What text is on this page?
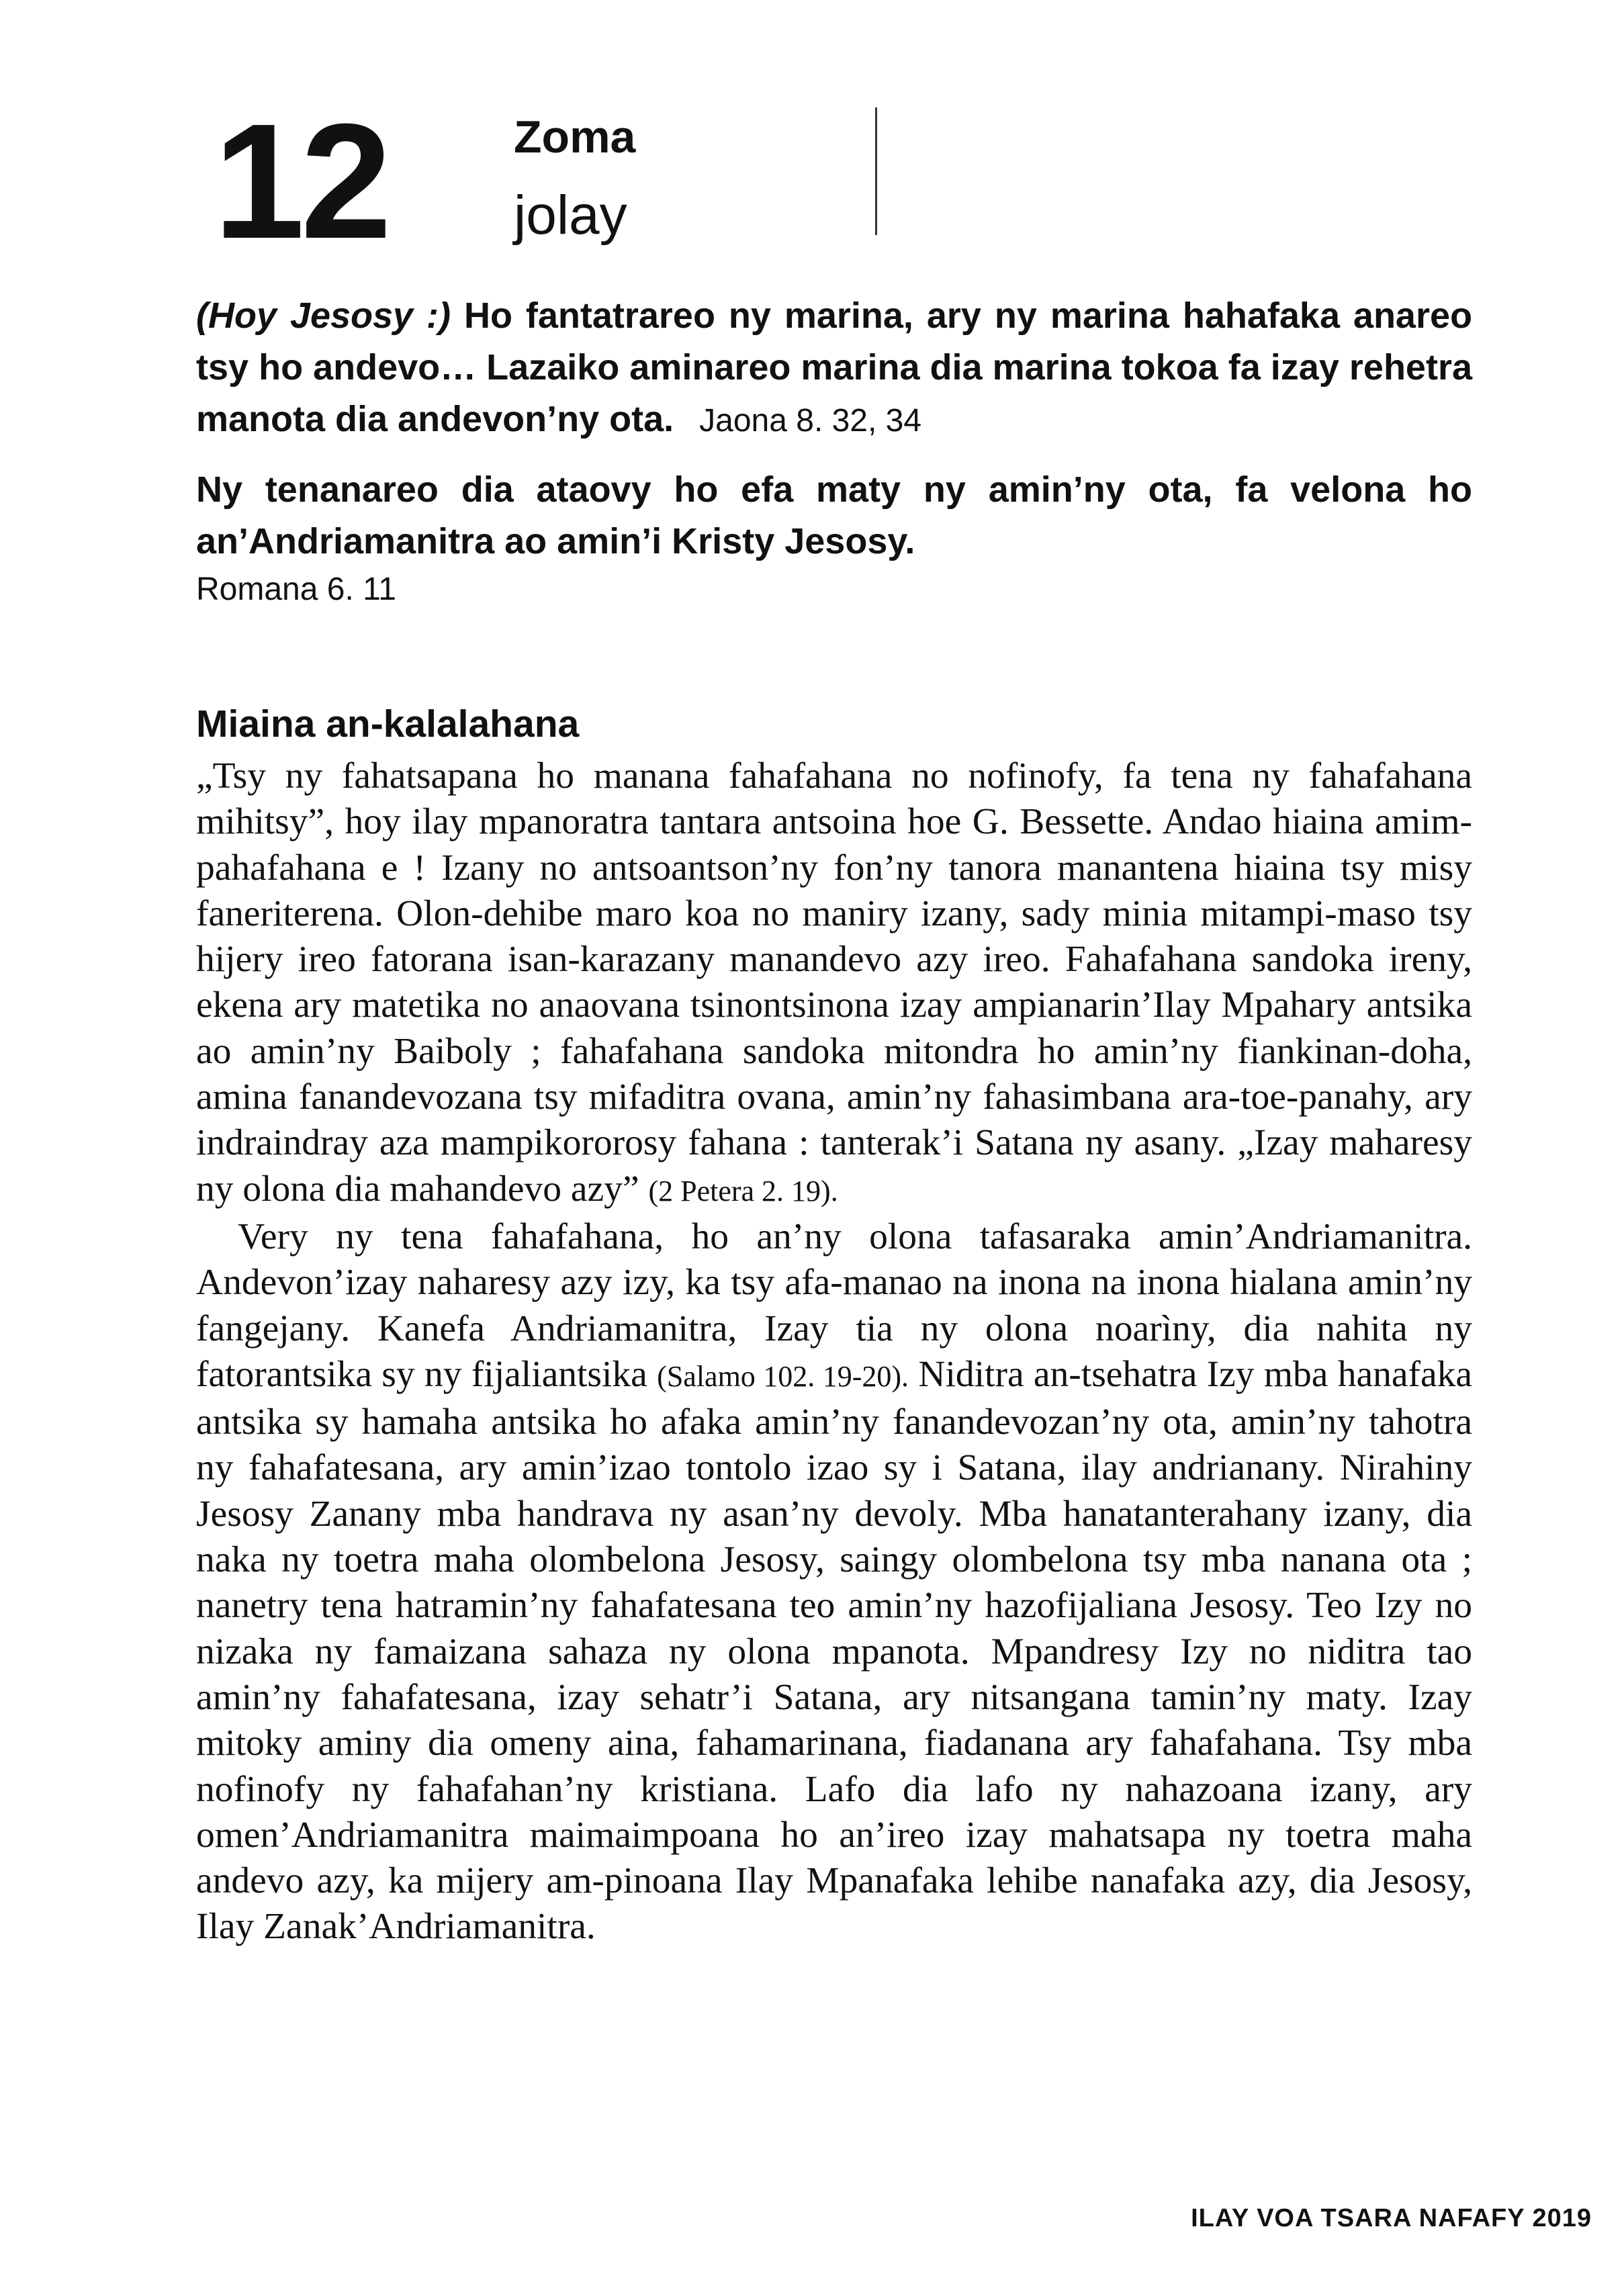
12	Zoma
jolay
(Hoy Jesosy :) Ho fantatrareo ny marina, ary ny marina hahafaka anareo tsy ho andevo… Lazaiko aminareo marina dia marina tokoa fa izay rehetra manota dia andevon’ny ota. Jaona 8. 32, 34
Ny tenanareo dia ataovy ho efa maty ny amin’ny ota, fa velona ho an’Andriamanitra ao amin’i Kristy Jesosy.
Romana 6. 11
Miaina an-kalalahana

„Tsy ny fahatsapana ho manana fahafahana no nofinofy, fa tena ny fahafahana mihitsy”, hoy ilay mpanoratra tantara antsoina hoe G. Bessette. Andao hiaina amim-pahafahana e ! Izany no antsoantson’ny fon’ny tanora manantena hiaina tsy misy faneriterena. Olon-dehibe maro koa no maniry izany, sady minia mitampi-maso tsy hijery ireo fatorana isan-karazany manandevo azy ireo. Fahafahana sandoka ireny, ekena ary matetika no anaovana tsinontsinona izay ampianarin’Ilay Mpahary antsika ao amin’ny Baiboly ; fahafahana sandoka mitondra ho amin’ny fiankinan-doha, amina fanandevozana tsy mifaditra ovana, amin’ny fahasimbana ara-toe-panahy, ary indraindray aza mampikororosy fahana : tanterak’i Satana ny asany. „Izay maharesy ny olona dia mahandevo azy” (2 Petera 2. 19).

Very ny tena fahafahana, ho an’ny olona tafasaraka amin’Andriamanitra. Andevon’izay naharesy azy izy, ka tsy afa-manao na inona na inona hialana amin’ny fangejany. Kanefa Andriamanitra, Izay tia ny olona noarìny, dia nahita ny fatorantsika sy ny fijaliantsika (Salamo 102. 19-20). Niditra an-tsehatra Izy mba hanafaka antsika sy hamaha antsika ho afaka amin’ny fanandevozan’ny ota, amin’ny tahotra ny fahafatesana, ary amin’izao tontolo izao sy i Satana, ilay andrianany. Nirahiny Jesosy Zanany mba handrava ny asan’ny devoly. Mba hanatanterahany izany, dia naka ny toetra maha olombelona Jesosy, saingy olombelona tsy mba nanana ota ; nanetry tena hatramin’ny fahafatesana teo amin’ny hazofijaliana Jesosy. Teo Izy no nizaka ny famaizana sahaza ny olona mpanota. Mpandresy Izy no niditra tao amin’ny fahafatesana, izay sehatr’i Satana, ary nitsangana tamin’ny maty. Izay mitoky aminy dia omeny aina, fahamarinana, fiadanana ary fahafahana. Tsy mba nofinofy ny fahafahan’ny kristiana. Lafo dia lafo ny nahazoana izany, ary omen’Andriamanitra maimaimpoana ho an’ireo izay mahatsapa ny toetra maha andevo azy, ka mijery am-pinoana Ilay Mpanafaka lehibe nanafaka azy, dia Jesosy, Ilay Zanak’Andriamanitra.

ILAY VOA TSARA NAFAFY 2019
